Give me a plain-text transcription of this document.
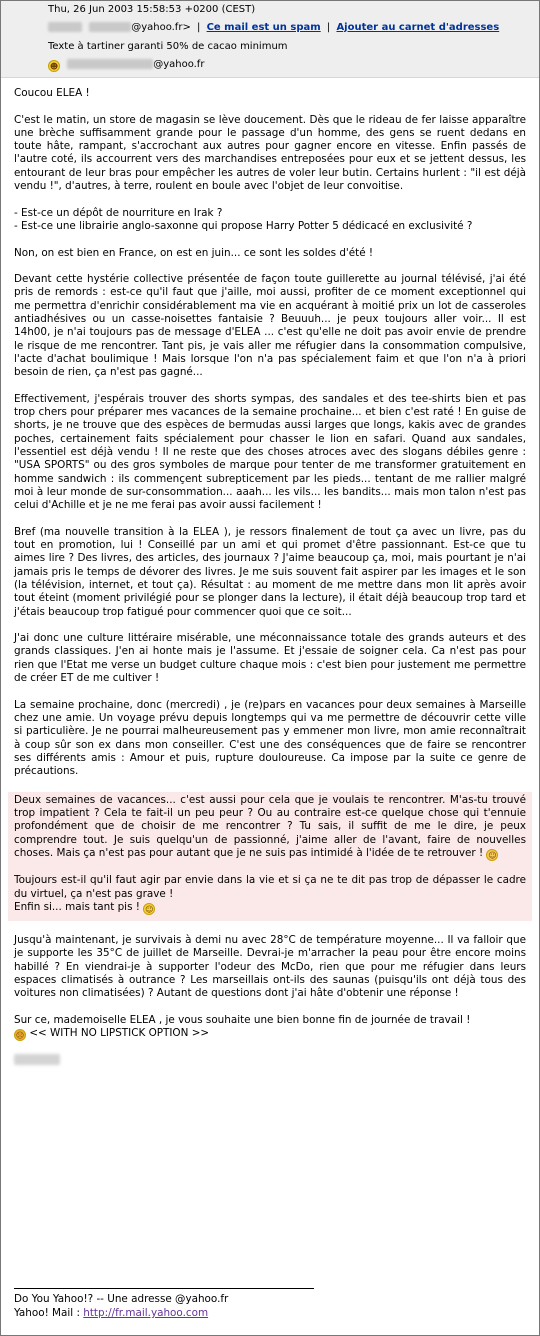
Thu, 26 Jun 2003 15:58:53 +0200 (CEST)
@yahoo.fr> | Ce mail est un spam | Ajouter au carnet d'adresses
Texte à tartiner garanti 50% de cacao minimum
☻	@yahoo.fr

Coucou ELEA !

C'est le matin, un store de magasin se lève doucement. Dès que le rideau de fer laisse apparaître une brèche suffisamment grande pour le passage d'un homme, des gens se ruent dedans en toute hâte, rampant, s'accrochant aux autres pour gagner encore en vitesse. Enfin passés de l'autre coté, ils accourrent vers des marchandises entreposées pour eux et se jettent dessus, les entourant de leur bras pour empêcher les autres de voler leur butin. Certains hurlent : "il est déjà vendu !", d'autres, à terre, roulent en boule avec l'objet de leur convoitise.

- Est-ce un dépôt de nourriture en Irak ?
- Est-ce une librairie anglo-saxonne qui propose Harry Potter 5 dédicacé en exclusivité ?

Non, on est bien en France, on est en juin... ce sont les soldes d'été !

Devant cette hystérie collective présentée de façon toute guillerette au journal télévisé, j'ai été pris de remords : est-ce qu'il faut que j'aille, moi aussi, profiter de ce moment exceptionnel qui me permettra d'enrichir considérablement ma vie en acquérant à moitié prix un lot de casseroles antiadhésives ou un casse-noisettes fantaisie ? Beuuuh... je peux toujours aller voir... Il est 14h00, je n'ai toujours pas de message d'ELEA ... c'est qu'elle ne doit pas avoir envie de prendre le risque de me rencontrer. Tant pis, je vais aller me réfugier dans la consommation compulsive, l'acte d'achat boulimique ! Mais lorsque l'on n'a pas spécialement faim et que l'on n'a à priori besoin de rien, ça n'est pas gagné...

Effectivement, j'espérais trouver des shorts sympas, des sandales et des tee-shirts bien et pas trop chers pour préparer mes vacances de la semaine prochaine... et bien c'est raté ! En guise de shorts, je ne trouve que des espèces de bermudas aussi larges que longs, kakis avec de grandes poches, certainement faits spécialement pour chasser le lion en safari. Quand aux sandales, l'essentiel est déjà vendu ! Il ne reste que des choses atroces avec des slogans débiles genre : "USA SPORTS" ou des gros symboles de marque pour tenter de me transformer gratuitement en homme sandwich : ils commençent subrepticement par les pieds... tentant de me rallier malgré moi à leur monde de sur-consommation... aaah... les vils... les bandits... mais mon talon n'est pas celui d'Achille et je ne me ferai pas avoir aussi facilement !

Bref (ma nouvelle transition à la ELEA ), je ressors finalement de tout ça avec un livre, pas du tout en promotion, lui ! Conseillé par un ami et qui promet d'être passionnant. Est-ce que tu aimes lire ? Des livres, des articles, des journaux ? J'aime beaucoup ça, moi, mais pourtant je n'ai jamais pris le temps de dévorer des livres. Je me suis souvent fait aspirer par les images et le son (la télévision, internet, et tout ça). Résultat : au moment de me mettre dans mon lit après avoir tout éteint (moment privilégié pour se plonger dans la lecture), il était déjà beaucoup trop tard et j'étais beaucoup trop fatigué pour commencer quoi que ce soit...

J'ai donc une culture littéraire misérable, une méconnaissance totale des grands auteurs et des grands classiques. J'en ai honte mais je l'assume. Et j'essaie de soigner cela. Ca n'est pas pour rien que l'Etat me verse un budget culture chaque mois : c'est bien pour justement me permettre de créer ET de me cultiver !

La semaine prochaine, donc (mercredi) , je (re)pars en vacances pour deux semaines à Marseille chez une amie. Un voyage prévu depuis longtemps qui va me permettre de découvrir cette ville si particulière. Je ne pourrai malheureusement pas y emmener mon livre, mon amie reconnaîtrait à coup sûr son ex dans mon conseiller. C'est une des conséquences que de faire se rencontrer ses différents amis : Amour et puis, rupture douloureuse. Ca impose par la suite ce genre de précautions.

Deux semaines de vacances... c'est aussi pour cela que je voulais te rencontrer. M'as-tu trouvé trop impatient ? Cela te fait-il un peu peur ? Ou au contraire est-ce quelque chose qui t'ennuie profondément que de choisir de me rencontrer ? Tu sais, il suffit de me le dire, je peux comprendre tout. Je suis quelqu'un de passionné, j'aime aller de l'avant, faire de nouvelles choses. Mais ça n'est pas pour autant que je ne suis pas intimidé à l'idée de te retrouver ! ☺

Toujours est-il qu'il faut agir par envie dans la vie et si ça ne te dit pas trop de dépasser le cadre du virtuel, ça n'est pas grave !
Enfin si... mais tant pis ! ☺

Jusqu'à maintenant, je survivais à demi nu avec 28°C de température moyenne... Il va falloir que je supporte les 35°C de juillet de Marseille. Devrai-je m'arracher la peau pour être encore moins habillé ? En viendrai-je à supporter l'odeur des McDo, rien que pour me réfugier dans leurs espaces climatisés à outrance ? Les marseillais ont-ils des saunas (puisqu'ils ont déjà tous des voitures non climatisées) ? Autant de questions dont j'ai hâte d'obtenir une réponse !

Sur ce, mademoiselle ELEA , je vous souhaite une bien bonne fin de journée de travail !
☹ << WITH NO LIPSTICK OPTION >>

Do You Yahoo!? -- Une adresse @yahoo.fr
Yahoo! Mail : http://fr.mail.yahoo.com
